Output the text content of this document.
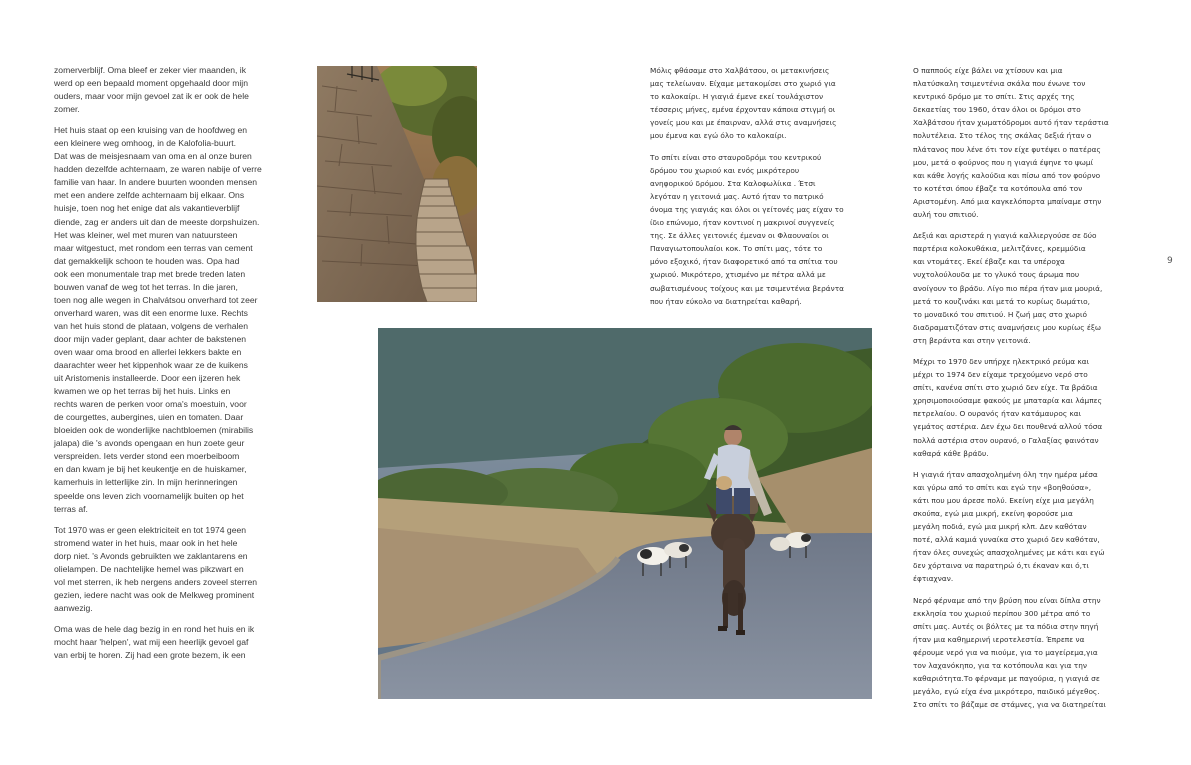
zomerverblijf. Oma bleef er zeker vier maanden, ik
werd op een bepaald moment opgehaald door mijn
ouders, maar voor mijn gevoel zat ik er ook de hele
zomer.

Het huis staat op een kruising van de hoofdweg en
een kleinere weg omhoog, in de Kalofolia-buurt.
Dat was de meisjesnaam van oma en al onze buren
hadden dezelfde achternaam, ze waren nabije of verre
familie van haar. In andere buurten woonden mensen
met een andere zelfde achternaam bij elkaar. Ons
huisje, toen nog het enige dat als vakantieverblijf
diende, zag er anders uit dan de meeste dorpshuizen.
Het was kleiner, wel met muren van natuursteen
maar witgestuct, met rondom een terras van cement
dat gemakkelijk schoon te houden was. Opa had
ook een monumentale trap met brede treden laten
bouwen vanaf de weg tot het terras. In die jaren,
toen nog alle wegen in Chalvátsou onverhard tot zeer
onverhard waren, was dit een enorme luxe. Rechts
van het huis stond de plataan, volgens de verhalen
door mijn vader geplant, daar achter de bakstenen
oven waar oma brood en allerlei lekkers bakte en
daarachter weer het kippenhok waar ze de kuikens
uit Aristomenis installeerde. Door een ijzeren hek
kwamen we op het terras bij het huis. Links en
rechts waren de perken voor oma's moestuin, voor
de courgettes, aubergines, uien en tomaten. Daar
bloeiden ook de wonderlijke nachtbloemen (mirabilis
jalapa) die 's avonds opengaan en hun zoete geur
verspreiden. Iets verder stond een moerbeiboom
en dan kwam je bij het keukentje en de huiskamer,
kamerhuis in letterlijke zin. In mijn herinneringen
speelde ons leven zich voornamelijk buiten op het
terras af.

Tot 1970 was er geen elektriciteit en tot 1974 geen
stromend water in het huis, maar ook in het hele
dorp niet. 's Avonds gebruikten we zaklantarens en
olielampen. De nachtelijke hemel was pikzwart en
vol met sterren, ik heb nergens anders zoveel sterren
gezien, iedere nacht was ook de Melkweg prominent
aanwezig.

Oma was de hele dag bezig in en rond het huis en ik
mocht haar 'helpen', wat mij een heerlijk gevoel gaf
van erbij te horen. Zij had een grote bezem, ik een

Μόλις φθάσαμε στο Χαλβάτσου, οι μετακινήσεις
μας τελείωναν. Είχαμε μετακομίσει στο χωριό για
το καλοκαίρι. Η γιαγιά έμενε εκεί τουλάχιστον
τέσσερις μήνες, εμένα έρχονταν κάποια στιγμή οι
γονείς μου και με έπαιρναν, αλλά στις αναμνήσεις
μου έμενα και εγώ όλο το καλοκαίρι.

Το σπίτι είναι στο σταυροδρόμι του κεντρικού
δρόμου του χωριού και ενός μικρότερου
ανηφορικού δρόμου. Στα Καλοφωλίικα . Έτσι
λεγόταν η γειτονιά μας. Αυτό ήταν το πατρικό
όνομα της γιαγιάς και όλοι οι γείτονές μας είχαν το
ίδιο επώνυμο, ήταν κοντινοί η μακρινοί συγγενείς
της. Σε άλλες γειτονιές έμεναν οι Φλαουναίοι οι
Παναγιωτοπουλαίοι κοκ. Το σπίτι μας, τότε το
μόνο εξοχικό, ήταν διαφορετικό από τα σπίτια του
χωριού. Μικρότερο, χτισμένο με πέτρα αλλά με
σωβατισμένους τοίχους και με τσιμεντένια βεράντα
που ήταν εύκολο να διατηρείται καθαρή.

Ο παππούς είχε βάλει να χτίσουν και μια
πλατύσκαλη τσιμεντένια σκάλα που ένωνε τον
κεντρικό δρόμο με το σπίτι. Στις αρχές της
δεκαετίας του 1960, όταν όλοι οι δρόμοι στο
Χαλβάτσου ήταν χωματόδρομοι αυτό ήταν τεράστια
πολυτέλεια. Στο τέλος της σκάλας δεξιά ήταν ο
πλάτανος που λένε ότι τον είχε φυτέψει ο πατέρας
μου, μετά ο φούρνος που η γιαγιά έψηνε το ψωμί
και κάθε λογής καλούδια και πίσω από τον φούρνο
το κοτέτσι όπου έβαζε τα κοτόπουλα από τον
Αριστομένη. Από μια καγκελόπορτα μπαίναμε στην
αυλή του σπιτιού.

Δεξιά και αριστερά η γιαγιά καλλιεργούσε σε δύο
παρτέρια κολοκυθάκια, μελιτζάνες, κρεμμύδια
και ντομάτες. Εκεί έβαζε και τα υπέροχα
νυχτολούλουδα με το γλυκό τους άρωμα που
ανοίγουν το βράδυ. Λίγο πιο πέρα ήταν μια μουριά,
μετά το κουζινάκι και μετά το κυρίως δωμάτιο,
το μοναδικό του σπιτιού. Η ζωή μας στο χωριό
διαδραματιζόταν στις αναμνήσεις μου κυρίως έξω
στη βεράντα και στην γειτονιά.

Μέχρι το 1970 δεν υπήρχε ηλεκτρικό ρεύμα και
μέχρι το 1974 δεν είχαμε τρεχούμενο νερό στο
σπίτι, κανένα σπίτι στο χωριό δεν είχε. Τα βράδια
χρησιμοποιούσαμε φακούς με μπαταρία και λάμπες
πετρελαίου. Ο ουρανός ήταν κατάμαυρος και
γεμάτος αστέρια. Δεν έχω δει πουθενά αλλού τόσα
πολλά αστέρια στον ουρανό, ο Γαλαξίας φαινόταν
καθαρά κάθε βράδυ.

Η γιαγιά ήταν απασχολημένη όλη την ημέρα μέσα
και γύρω από το σπίτι και εγώ την «βοηθούσα»,
κάτι που μου άρεσε πολύ. Εκείνη είχε μια μεγάλη
σκούπα, εγώ μια μικρή, εκείνη φορούσε μια
μεγάλη ποδιά, εγώ μια μικρή κλπ. Δεν καθόταν
ποτέ, αλλά καμιά γυναίκα στο χωριό δεν καθόταν,
ήταν όλες συνεχώς απασχολημένες με κάτι και εγώ
δεν χόρταινα να παρατηρώ ό,τι έκαναν και ό,τι
έφτιαχναν.

Νερό φέρναμε από την βρύση που είναι δίπλα στην
εκκλησία του χωριού περίπου 300 μέτρα από το
σπίτι μας. Αυτές οι βόλτες με τα πόδια στην πηγή
ήταν μια καθημερινή ιεροτελεστία. Έπρεπε να
φέρουμε νερό για να πιούμε, για το μαγείρεμα,για
τον λαχανόκηπο, για τα κοτόπουλα και για την
καθαριότητα.Το φέρναμε με παγούρια, η γιαγιά σε
μεγάλο, εγώ είχα ένα μικρότερο, παιδικό μέγεθος.
Στο σπίτι το βάζαμε σε στάμνες, για να διατηρείται

9
